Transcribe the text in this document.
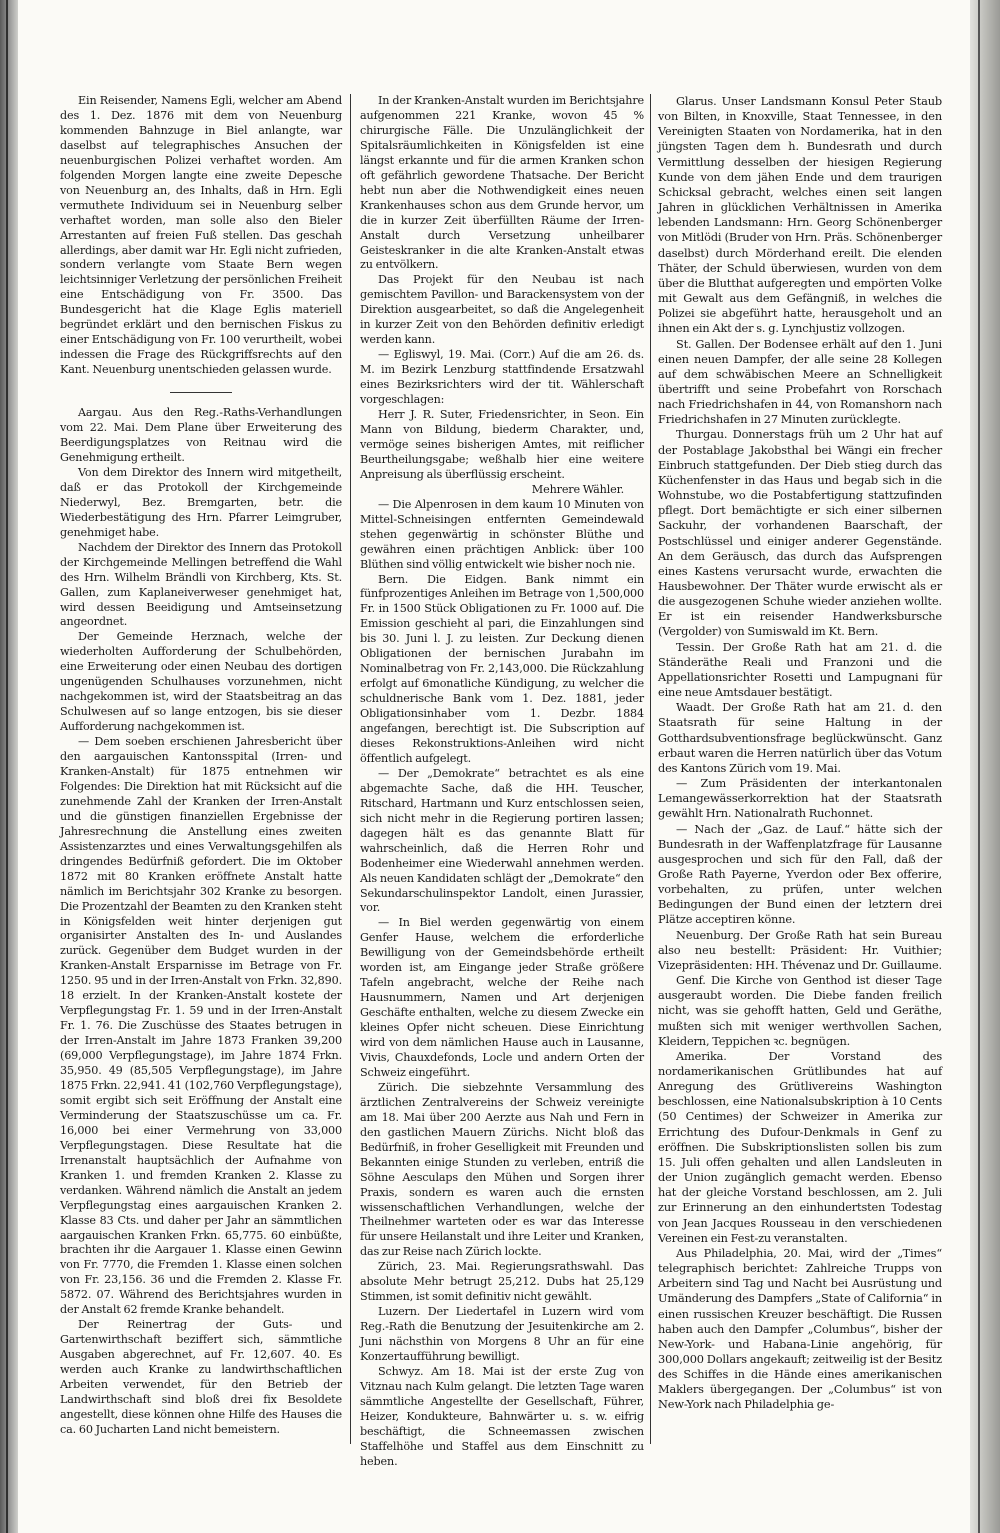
Ein Reisender, Namens Egli, welcher am Abend des 1. Dez. 1876 mit dem von Neuenburg kommenden Bahnzuge in Biel anlangte, war daselbst auf telegraphisches Ansuchen der neuenburgischen Polizei verhaftet worden. Am folgenden Morgen langte eine zweite Depesche von Neuenburg an, des Inhalts, daß in Hrn. Egli vermuthete Individuum sei in Neuenburg selber verhaftet worden, man solle also den Bieler Arrestanten auf freien Fuß stellen. Das geschah allerdings, aber damit war Hr. Egli nicht zufrieden, sondern verlangte vom Staate Bern wegen leichtsinniger Verletzung der persönlichen Freiheit eine Entschädigung von Fr. 3500. Das Bundesgericht hat die Klage Eglis materiell begründet erklärt und den bernischen Fiskus zu einer Entschädigung von Fr. 100 verurtheilt, wobei indessen die Frage des Rückgriffsrechts auf den Kant. Neuenburg unentschieden gelassen wurde.

Aargau. Aus den Reg.-Raths-Verhandlungen vom 22. Mai. Dem Plane über Erweiterung des Beerdigungsplatzes von Reitnau wird die Genehmigung ertheilt.

Von dem Direktor des Innern wird mitgetheilt, daß er das Protokoll der Kirchgemeinde Niederwyl, Bez. Bremgarten, betr. die Wiederbestätigung des Hrn. Pfarrer Leimgruber, genehmiget habe.

Nachdem der Direktor des Innern das Protokoll der Kirchgemeinde Mellingen betreffend die Wahl des Hrn. Wilhelm Brändli von Kirchberg, Kts. St. Gallen, zum Kaplaneiverweser genehmiget hat, wird dessen Beeidigung und Amtseinsetzung angeordnet.

Der Gemeinde Herznach, welche der wiederholten Aufforderung der Schulbehörden, eine Erweiterung oder einen Neubau des dortigen ungenügenden Schulhauses vorzunehmen, nicht nachgekommen ist, wird der Staatsbeitrag an das Schulwesen auf so lange entzogen, bis sie dieser Aufforderung nachgekommen ist.

— Dem soeben erschienen Jahresbericht über den aargauischen Kantonsspital (Irren- und Kranken-Anstalt) für 1875 entnehmen wir Folgendes: Die Direktion hat mit Rücksicht auf die zunehmende Zahl der Kranken der Irren-Anstalt und die günstigen finanziellen Ergebnisse der Jahresrechnung die Anstellung eines zweiten Assistenzarztes und eines Verwaltungsgehilfen als dringendes Bedürfniß gefordert. Die im Oktober 1872 mit 80 Kranken eröffnete Anstalt hatte nämlich im Berichtsjahr 302 Kranke zu besorgen. Die Prozentzahl der Beamten zu den Kranken steht in Königsfelden weit hinter derjenigen gut organisirter Anstalten des In- und Auslandes zurück. Gegenüber dem Budget wurden in der Kranken-Anstalt Ersparnisse im Betrage von Fr. 1250. 95 und in der Irren-Anstalt von Frkn. 32,890. 18 erzielt. In der Kranken-Anstalt kostete der Verpflegungstag Fr. 1. 59 und in der Irren-Anstalt Fr. 1. 76. Die Zuschüsse des Staates betrugen in der Irren-Anstalt im Jahre 1873 Franken 39,200 (69,000 Verpflegungstage), im Jahre 1874 Frkn. 35,950. 49 (85,505 Verpflegungstage), im Jahre 1875 Frkn. 22,941. 41 (102,760 Verpflegungstage), somit ergibt sich seit Eröffnung der Anstalt eine Verminderung der Staatszuschüsse um ca. Fr. 16,000 bei einer Vermehrung von 33,000 Verpflegungstagen. Diese Resultate hat die Irrenanstalt hauptsächlich der Aufnahme von Kranken 1. und fremden Kranken 2. Klasse zu verdanken. Während nämlich die Anstalt an jedem Verpflegungstag eines aargauischen Kranken 2. Klasse 83 Cts. und daher per Jahr an sämmtlichen aargauischen Kranken Frkn. 65,775. 60 einbüßte, brachten ihr die Aargauer 1. Klasse einen Gewinn von Fr. 7770, die Fremden 1. Klasse einen solchen von Fr. 23,156. 36 und die Fremden 2. Klasse Fr. 5872. 07. Während des Berichtsjahres wurden in der Anstalt 62 fremde Kranke behandelt.

Der Reinertrag der Guts- und Gartenwirthschaft beziffert sich, sämmtliche Ausgaben abgerechnet, auf Fr. 12,607. 40. Es werden auch Kranke zu landwirthschaftlichen Arbeiten verwendet, für den Betrieb der Landwirthschaft sind bloß drei fix Besoldete angestellt, diese können ohne Hilfe des Hauses die ca. 60 Jucharten Land nicht bemeistern.

In der Kranken-Anstalt wurden im Berichtsjahre aufgenommen 221 Kranke, wovon 45 % chirurgische Fälle. Die Unzulänglichkeit der Spitalsräumlichkeiten in Königsfelden ist eine längst erkannte und für die armen Kranken schon oft gefährlich gewordene Thatsache. Der Bericht hebt nun aber die Nothwendigkeit eines neuen Krankenhauses schon aus dem Grunde hervor, um die in kurzer Zeit überfüllten Räume der Irren-Anstalt durch Versetzung unheilbarer Geisteskranker in die alte Kranken-Anstalt etwas zu entvölkern.

Das Projekt für den Neubau ist nach gemischtem Pavillon- und Barackensystem von der Direktion ausgearbeitet, so daß die Angelegenheit in kurzer Zeit von den Behörden definitiv erledigt werden kann.

— Egliswyl, 19. Mai. (Corr.) Auf die am 26. ds. M. im Bezirk Lenzburg stattfindende Ersatzwahl eines Bezirksrichters wird der tit. Wählerschaft vorgeschlagen:

Herr J. R. Suter, Friedensrichter, in Seon. Ein Mann von Bildung, biederm Charakter, und, vermöge seines bisherigen Amtes, mit reiflicher Beurtheilungsgabe; weßhalb hier eine weitere Anpreisung als überflüssig erscheint.

Mehrere Wähler.

— Die Alpenrosen in dem kaum 10 Minuten von Mittel-Schneisingen entfernten Gemeindewald stehen gegenwärtig in schönster Blüthe und gewähren einen prächtigen Anblick: über 100 Blüthen sind völlig entwickelt wie bisher noch nie.

Bern. Die Eidgen. Bank nimmt ein fünfprozentiges Anleihen im Betrage von 1,500,000 Fr. in 1500 Stück Obligationen zu Fr. 1000 auf. Die Emission geschieht al pari, die Einzahlungen sind bis 30. Juni l. J. zu leisten. Zur Deckung dienen Obligationen der bernischen Jurabahn im Nominalbetrag von Fr. 2,143,000. Die Rückzahlung erfolgt auf 6monatliche Kündigung, zu welcher die schuldnerische Bank vom 1. Dez. 1881, jeder Obligationsinhaber vom 1. Dezbr. 1884 angefangen, berechtigt ist. Die Subscription auf dieses Rekonstruktions-Anleihen wird nicht öffentlich aufgelegt.

— Der „Demokrate“ betrachtet es als eine abgemachte Sache, daß die HH. Teuscher, Ritschard, Hartmann und Kurz entschlossen seien, sich nicht mehr in die Regierung portiren lassen; dagegen hält es das genannte Blatt für wahrscheinlich, daß die Herren Rohr und Bodenheimer eine Wiederwahl annehmen werden. Als neuen Kandidaten schlägt der „Demokrate“ den Sekundarschulinspektor Landolt, einen Jurassier, vor.

— In Biel werden gegenwärtig von einem Genfer Hause, welchem die erforderliche Bewilligung von der Gemeindsbehörde ertheilt worden ist, am Eingange jeder Straße größere Tafeln angebracht, welche der Reihe nach Hausnummern, Namen und Art derjenigen Geschäfte enthalten, welche zu diesem Zwecke ein kleines Opfer nicht scheuen. Diese Einrichtung wird von dem nämlichen Hause auch in Lausanne, Vivis, Chauxdefonds, Locle und andern Orten der Schweiz eingeführt.

Zürich. Die siebzehnte Versammlung des ärztlichen Zentralvereins der Schweiz vereinigte am 18. Mai über 200 Aerzte aus Nah und Fern in den gastlichen Mauern Zürichs. Nicht bloß das Bedürfniß, in froher Geselligkeit mit Freunden und Bekannten einige Stunden zu verleben, entriß die Söhne Aesculaps den Mühen und Sorgen ihrer Praxis, sondern es waren auch die ernsten wissenschaftlichen Verhandlungen, welche der Theilnehmer warteten oder es war das Interesse für unsere Heilanstalt und ihre Leiter und Kranken, das zur Reise nach Zürich lockte.

Zürich, 23. Mai. Regierungsrathswahl. Das absolute Mehr betrugt 25,212. Dubs hat 25,129 Stimmen, ist somit definitiv nicht gewählt.

Luzern. Der Liedertafel in Luzern wird vom Reg.-Rath die Benutzung der Jesuitenkirche am 2. Juni nächsthin von Morgens 8 Uhr an für eine Konzertaufführung bewilligt.

Schwyz. Am 18. Mai ist der erste Zug von Vitznau nach Kulm gelangt. Die letzten Tage waren sämmtliche Angestellte der Gesellschaft, Führer, Heizer, Kondukteure, Bahnwärter u. s. w. eifrig beschäftigt, die Schneemassen zwischen Staffelhöhe und Staffel aus dem Einschnitt zu heben.

Glarus. Unser Landsmann Konsul Peter Staub von Bilten, in Knoxville, Staat Tennessee, in den Vereinigten Staaten von Nordamerika, hat in den jüngsten Tagen dem h. Bundesrath und durch Vermittlung desselben der hiesigen Regierung Kunde von dem jähen Ende und dem traurigen Schicksal gebracht, welches einen seit langen Jahren in glücklichen Verhältnissen in Amerika lebenden Landsmann: Hrn. Georg Schönenberger von Mitlödi (Bruder von Hrn. Präs. Schönenberger daselbst) durch Mörderhand ereilt. Die elenden Thäter, der Schuld überwiesen, wurden von dem über die Blutthat aufgeregten und empörten Volke mit Gewalt aus dem Gefängniß, in welches die Polizei sie abgeführt hatte, herausgeholt und an ihnen ein Akt der s. g. Lynchjustiz vollzogen.

St. Gallen. Der Bodensee erhält auf den 1. Juni einen neuen Dampfer, der alle seine 28 Kollegen auf dem schwäbischen Meere an Schnelligkeit übertrifft und seine Probefahrt von Rorschach nach Friedrichshafen in 44, von Romanshorn nach Friedrichshafen in 27 Minuten zurücklegte.

Thurgau. Donnerstags früh um 2 Uhr hat auf der Postablage Jakobsthal bei Wängi ein frecher Einbruch stattgefunden. Der Dieb stieg durch das Küchenfenster in das Haus und begab sich in die Wohnstube, wo die Postabfertigung stattzufinden pflegt. Dort bemächtigte er sich einer silbernen Sackuhr, der vorhandenen Baarschaft, der Postschlüssel und einiger anderer Gegenstände. An dem Geräusch, das durch das Aufsprengen eines Kastens verursacht wurde, erwachten die Hausbewohner. Der Thäter wurde erwischt als er die ausgezogenen Schuhe wieder anziehen wollte. Er ist ein reisender Handwerksbursche (Vergolder) von Sumiswald im Kt. Bern.

Tessin. Der Große Rath hat am 21. d. die Ständeräthe Reali und Franzoni und die Appellationsrichter Rosetti und Lampugnani für eine neue Amtsdauer bestätigt.

Waadt. Der Große Rath hat am 21. d. den Staatsrath für seine Haltung in der Gotthardsubventionsfrage beglückwünscht. Ganz erbaut waren die Herren natürlich über das Votum des Kantons Zürich vom 19. Mai.

— Zum Präsidenten der interkantonalen Lemangewässerkorrektion hat der Staatsrath gewählt Hrn. Nationalrath Ruchonnet.

— Nach der „Gaz. de Lauf.“ hätte sich der Bundesrath in der Waffenplatzfrage für Lausanne ausgesprochen und sich für den Fall, daß der Große Rath Payerne, Yverdon oder Bex offerire, vorbehalten, zu prüfen, unter welchen Bedingungen der Bund einen der letztern drei Plätze acceptiren könne.

Neuenburg. Der Große Rath hat sein Bureau also neu bestellt: Präsident: Hr. Vuithier; Vizepräsidenten: HH. Thévenaz und Dr. Guillaume.

Genf. Die Kirche von Genthod ist dieser Tage ausgeraubt worden. Die Diebe fanden freilich nicht, was sie gehofft hatten, Geld und Geräthe, mußten sich mit weniger werthvollen Sachen, Kleidern, Teppichen ꝛc. begnügen.

Amerika. Der Vorstand des nordamerikanischen Grütlibundes hat auf Anregung des Grütlivereins Washington beschlossen, eine Nationalsubskription à 10 Cents (50 Centimes) der Schweizer in Amerika zur Errichtung des Dufour-Denkmals in Genf zu eröffnen. Die Subskriptionslisten sollen bis zum 15. Juli offen gehalten und allen Landsleuten in der Union zugänglich gemacht werden. Ebenso hat der gleiche Vorstand beschlossen, am 2. Juli zur Erinnerung an den einhundertsten Todestag von Jean Jacques Rousseau in den verschiedenen Vereinen ein Fest-zu veranstalten.

Aus Philadelphia, 20. Mai, wird der „Times“ telegraphisch berichtet: Zahlreiche Trupps von Arbeitern sind Tag und Nacht bei Ausrüstung und Umänderung des Dampfers „State of California“ in einen russischen Kreuzer beschäftigt. Die Russen haben auch den Dampfer „Columbus“, bisher der New-York- und Habana-Linie angehörig, für 300,000 Dollars angekauft; zeitweilig ist der Besitz des Schiffes in die Hände eines amerikanischen Maklers übergegangen. Der „Columbus“ ist von New-York nach Philadelphia ge-
